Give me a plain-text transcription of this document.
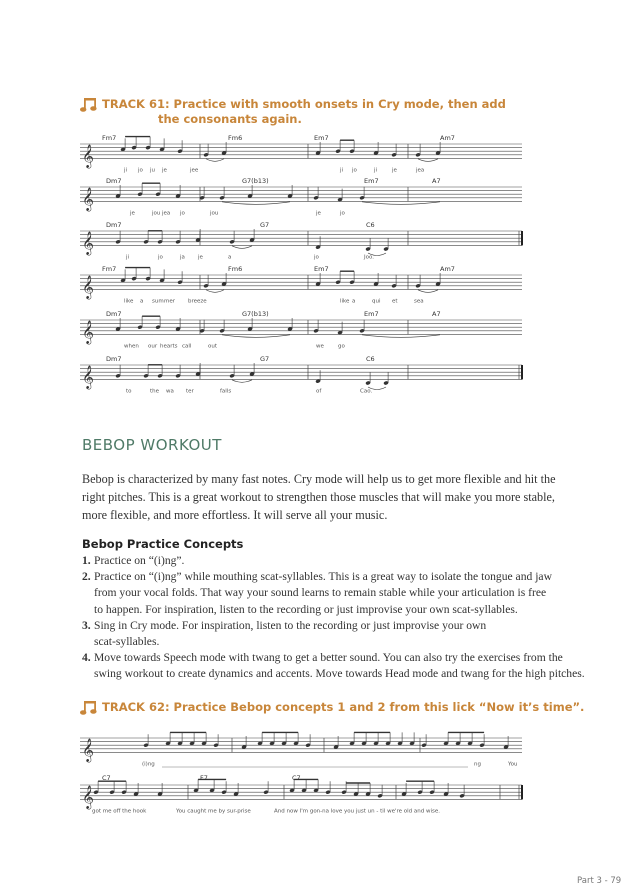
TRACK 61: Practice with smooth onsets in Cry mode, then add
the consonants again.
𝄞
Fm7	Fm6	Em7	Am7
ji jo ju je	jee	ji jo	ji	je	jea
𝄞
Dm7	G7(b13)	Em7	A7
je	jou jea jo	jou	je	jo
𝄞
Dm7	G7	C6
ji	jo	ja je	a	jo	Joo.
𝄞
Fm7	Fm6	Em7	Am7
like a sum mer breeze	like a	qui et	sea
𝄞
Dm7	G7(b13)	Em7	A7
when our hearts call	out	we	go
𝄞
Dm7	G7	C6
to	the wa ter	falls	of	Cao.
𝄞
(i)ng	ng	You
𝄞
C7	F7	C7
got me off the hook	You caught me by sur-prise	And now I'm gon-na love you just un - til we're old and wise.
BEBOP WORKOUT
Bebop is characterized by many fast notes. Cry mode will help us to get more flexible and hit the
right pitches. This is a great workout to strengthen those muscles that will make you more stable,
more flexible, and more effortless. It will serve all your music.
Bebop Practice Concepts
1. Practice on “(i)ng”.
2. Practice on “(i)ng” while mouthing scat-syllables. This is a great way to isolate the tongue and jaw
from your vocal folds. That way your sound learns to remain stable while your articulation is free
to happen. For inspiration, listen to the recording or just improvise your own scat-syllables.
3. Sing in Cry mode. For inspiration, listen to the recording or just improvise your own
scat-syllables.
4. Move towards Speech mode with twang to get a better sound. You can also try the exercises from the
swing workout to create dynamics and accents. Move towards Head mode and twang for the high pitches.
TRACK 62: Practice Bebop concepts 1 and 2 from this lick “Now it’s time”.
Part 3 - 79
